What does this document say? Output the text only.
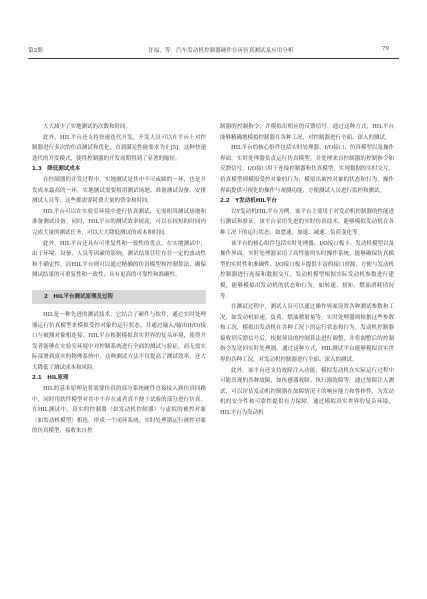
第2期	许福，等：汽车发动机控制器硬件在环仿真测试及应用分析	79
大大减少了实地测试的次数和时间。
此外，HIL平台还支持快速迭代开发。开发人员可以在平台上对控制器进行多次的仿真测试和优化，直到满足性能要求为止[5]。这种快速迭代的开发模式，使得控制器的开发周期得到了显著的缩短。
1.3　降低测试成本
在控制器的开发过程中，实地测试是其中不可或缺的一环，也是开发成本最高的一环。实地测试需要租用测试场地、准备测试设备、安排测试人员等，这些都需要耗费大量的资金和时间。
HIL平台可以在实验室环境中进行仿真测试，无需租用测试场地和准备测试设备。同时，HIL平台的测试效率较高，可以在较短的时间内完成大量的测试任务，可以大大降低测试的成本和时间。
此外，HIL平台还具有可重复性和一致性的优点。在实地测试中，由于环境、设备、人员等因素的影响，测试结果往往存在一定的波动性和不确定性。而HIL平台则可以通过精确的仿真模型和控制算法，确保测试结果的可重复性和一致性，具有更高的可靠性和准确性。
2　HIL平台测试原理及过程
HIL是一种先进的测试技术，它结合了硬件与软件，通过实时处理器运行仿真模型来模拟受控对象的运行状态，并通过输入/输出(I/O)接口与被测对象相连接。HIL平台根据模拟真实世界的复杂环境，使得开发者能够在实验室环境中对控制系统进行全面的测试与验证，而无需实际部署到真实的物理系统中。这种测试方法不仅提高了测试效率，还大大降低了测试成本和风险。
2.1　HIL原理
HIL的基本原理是将需要仿真的部分系统硬件直接接入到仿真回路中，同时用软件模型对其中不存在或者真不便于试验的部分进行仿真。在HIL测试中，真实的控制器（如发动机控制器）与虚拟的被控对象（如发动机模型）相连，形成一个闭环系统。实时处理器运行被控对象的仿真模型，接收来自控
制器的控制指令，并模拟出相应的反馈信号。通过这种方式，HIL平台能够精确地模拟控制器在各种工况，对控制器进行全面、深入的测试。
HIL平台的核心组件包括实时处理器、I/O接口、仿真模型以及操作界面。实时处理器负责运行仿真模型，并处理来自控制器的控制指令和反馈信号。I/O接口用于连接控制器和仿真模型，实现数据的实时交互。仿真模型则模拟受控对象的行为，模拟出被控对象的状态和行为。操作界面提供可视化的操作与观测功能，方便测试人员进行监控和测试。
2.2　Y发动机HIL平台
以Y发动机HIL平台为例，该平台主要用于对发动机控制器的性能进行测试和验证。该平台采用先进的实时仿真技术，能够模拟发动机在各种工况下的运行状态，如怠速、加速、减速、负荷变化等。
该平台的核心组件包括实时处理器、I/O接口板卡、发动机模型以及操作界面。实时处理器采用了高性能的实时操作系统，能够确保仿真模型的实时性和准确性。I/O接口板卡提供丰富的接口资源，方便与发动机控制器进行连接和数据交互。发动机模型根据实际发动机参数进行建模，能够模拟出发动机的状态和行为，如转速、扭矩、燃油消耗情况等。
在测试过程中，测试人员可以通过操作界面设置各种测试参数和工况，如发动机转速、负荷、燃油喷射量等。实时处理器则根据这些参数和工况，模拟出发动机在各种工况下的运行状态和行为。发动机控制器接收到反馈信号后，根据预设的控制算法进行调整，并将调整后的控制指令发送回实时处理器。通过这种方式，HIL测试平台能够模拟真实世界的各种工况，对发动机控制器进行全面、深入的测试。
此外，该平台还支持故障注入功能，模拟发动机在实际运行过程中可能出现的各种故障，如传感器故障、执行器故障等。通过故障注入测试，可以评估发动机控制器在故障情况下的响应能力和鲁棒性，为发动机的安全性和可靠性提供有力保障。通过模拟真实世界的复杂环境，HIL平台为发动机
